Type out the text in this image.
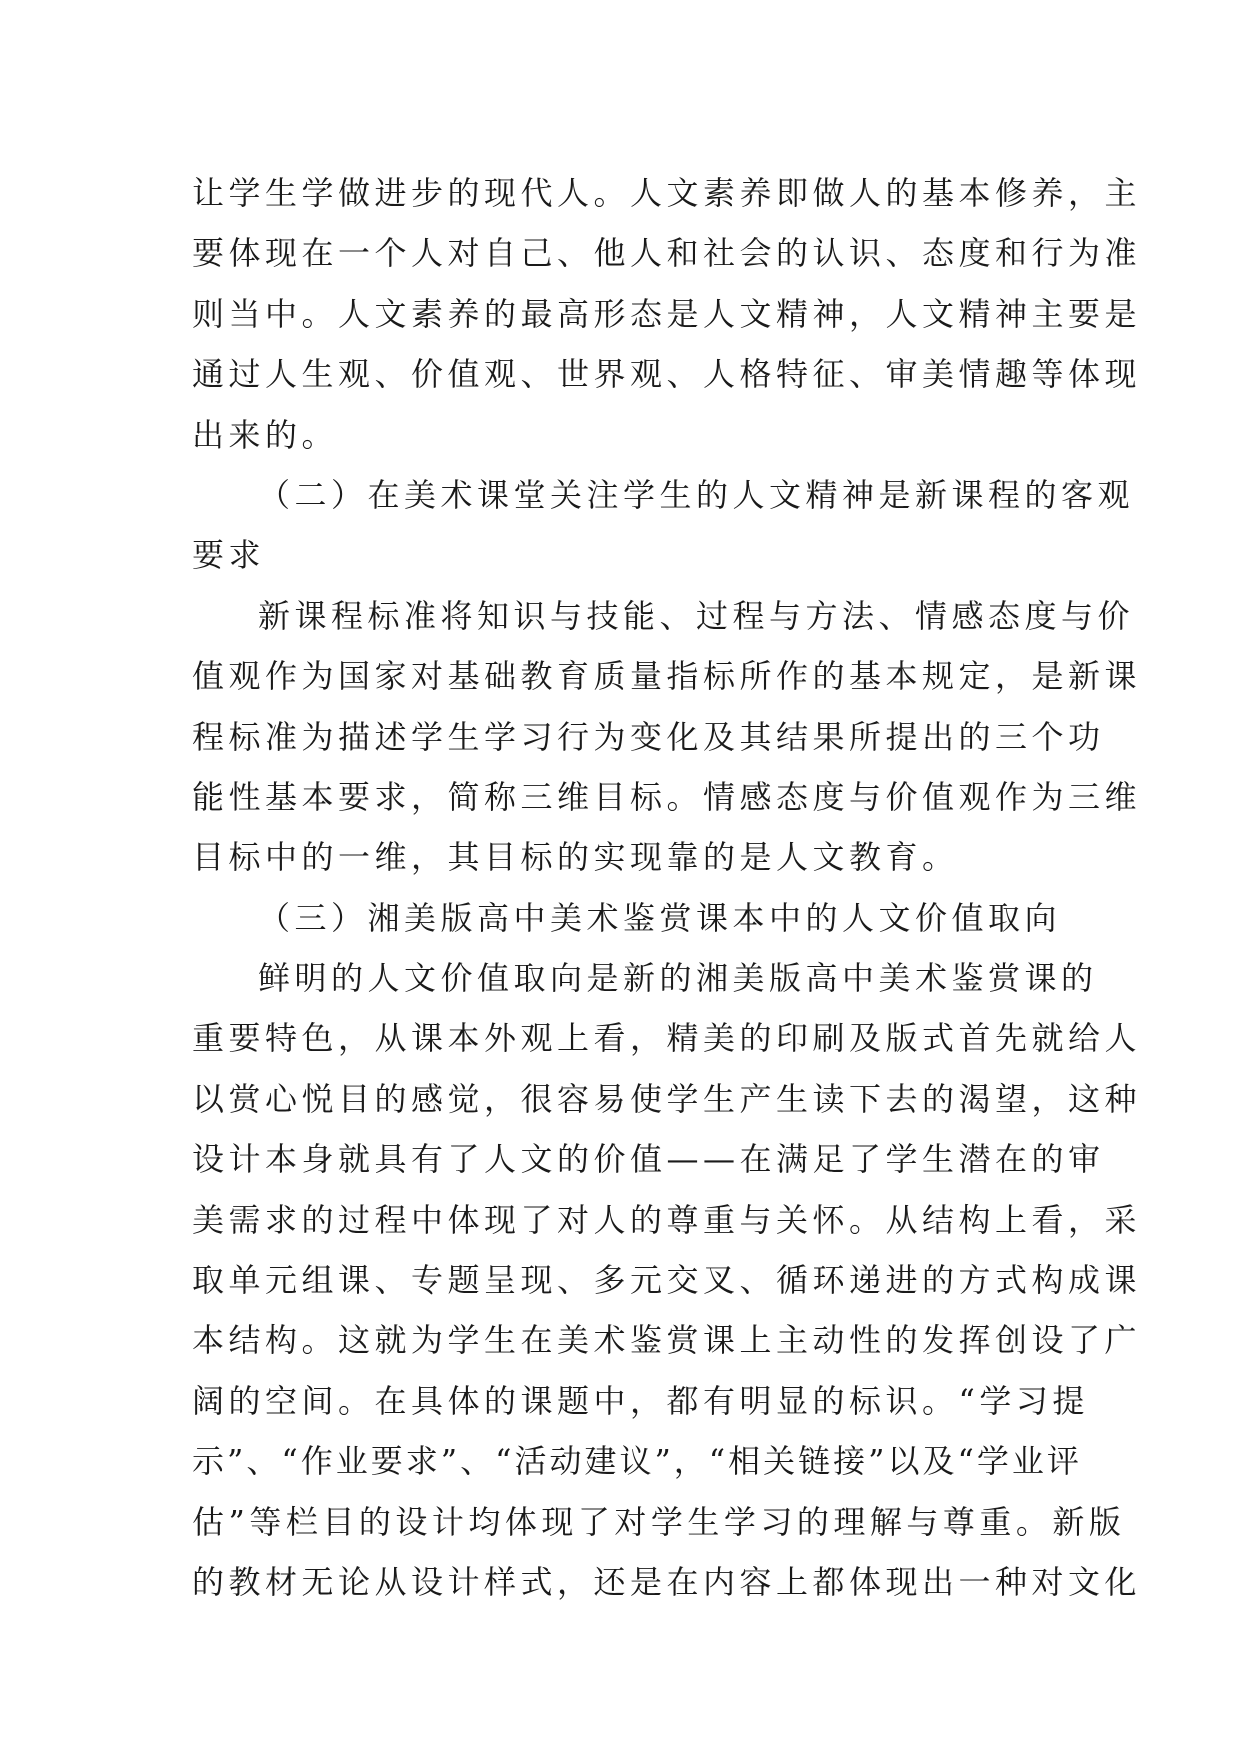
让学生学做进步的现代人。人文素养即做人的基本修养，主
要体现在一个人对自己、他人和社会的认识、态度和行为准
则当中。人文素养的最高形态是人文精神，人文精神主要是
通过人生观、价值观、世界观、人格特征、审美情趣等体现
出来的。
（二）在美术课堂关注学生的人文精神是新课程的客观
要求
新课程标准将知识与技能、过程与方法、情感态度与价
值观作为国家对基础教育质量指标所作的基本规定，是新课
程标准为描述学生学习行为变化及其结果所提出的三个功
能性基本要求，简称三维目标。情感态度与价值观作为三维
目标中的一维，其目标的实现靠的是人文教育。
（三）湘美版高中美术鉴赏课本中的人文价值取向
鲜明的人文价值取向是新的湘美版高中美术鉴赏课的
重要特色，从课本外观上看，精美的印刷及版式首先就给人
以赏心悦目的感觉，很容易使学生产生读下去的渴望，这种
设计本身就具有了人文的价值——在满足了学生潜在的审
美需求的过程中体现了对人的尊重与关怀。从结构上看，采
取单元组课、专题呈现、多元交叉、循环递进的方式构成课
本结构。这就为学生在美术鉴赏课上主动性的发挥创设了广
阔的空间。在具体的课题中，都有明显的标识。“学习提
示”、“作业要求”、“活动建议”，“相关链接”以及“学业评
估”等栏目的设计均体现了对学生学习的理解与尊重。新版
的教材无论从设计样式，还是在内容上都体现出一种对文化
